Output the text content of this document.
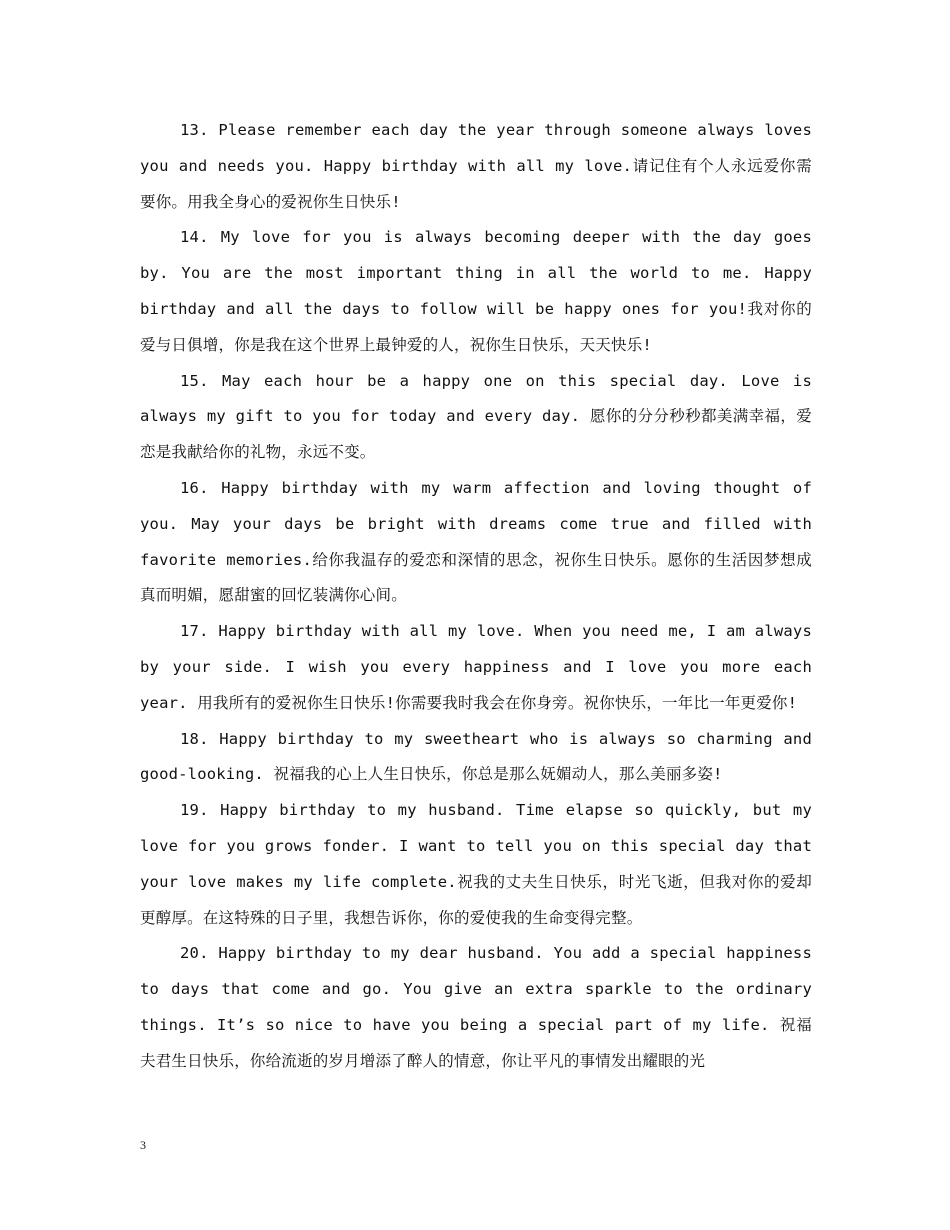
13. Please remember each day the year through someone always loves you and needs you. Happy birthday with all my love.请记住有个人永远爱你需要你。用我全身心的爱祝你生日快乐!

14. My love for you is always becoming deeper with the day goes by. You are the most important thing in all the world to me. Happy birthday and all the days to follow will be happy ones for you!我对你的爱与日俱增，你是我在这个世界上最钟爱的人，祝你生日快乐，天天快乐!

15. May each hour be a happy one on this special day. Love is always my gift to you for today and every day. 愿你的分分秒秒都美满幸福，爱恋是我献给你的礼物，永远不变。

16. Happy birthday with my warm affection and loving thought of you. May your days be bright with dreams come true and filled with favorite memories.给你我温存的爱恋和深情的思念，祝你生日快乐。愿你的生活因梦想成真而明媚，愿甜蜜的回忆装满你心间。

17. Happy birthday with all my love. When you need me, I am always by your side. I wish you every happiness and I love you more each year. 用我所有的爱祝你生日快乐!你需要我时我会在你身旁。祝你快乐，一年比一年更爱你!

18. Happy birthday to my sweetheart who is always so charming and good-looking. 祝福我的心上人生日快乐，你总是那么妩媚动人，那么美丽多姿!

19. Happy birthday to my husband. Time elapse so quickly, but my love for you grows fonder. I want to tell you on this special day that your love makes my life complete.祝我的丈夫生日快乐，时光飞逝，但我对你的爱却更醇厚。在这特殊的日子里，我想告诉你，你的爱使我的生命变得完整。

20. Happy birthday to my dear husband. You add a special happiness to days that come and go. You give an extra sparkle to the ordinary things. It’s so nice to have you being a special part of my life. 祝福夫君生日快乐，你给流逝的岁月增添了醉人的情意，你让平凡的事情发出耀眼的光

3
